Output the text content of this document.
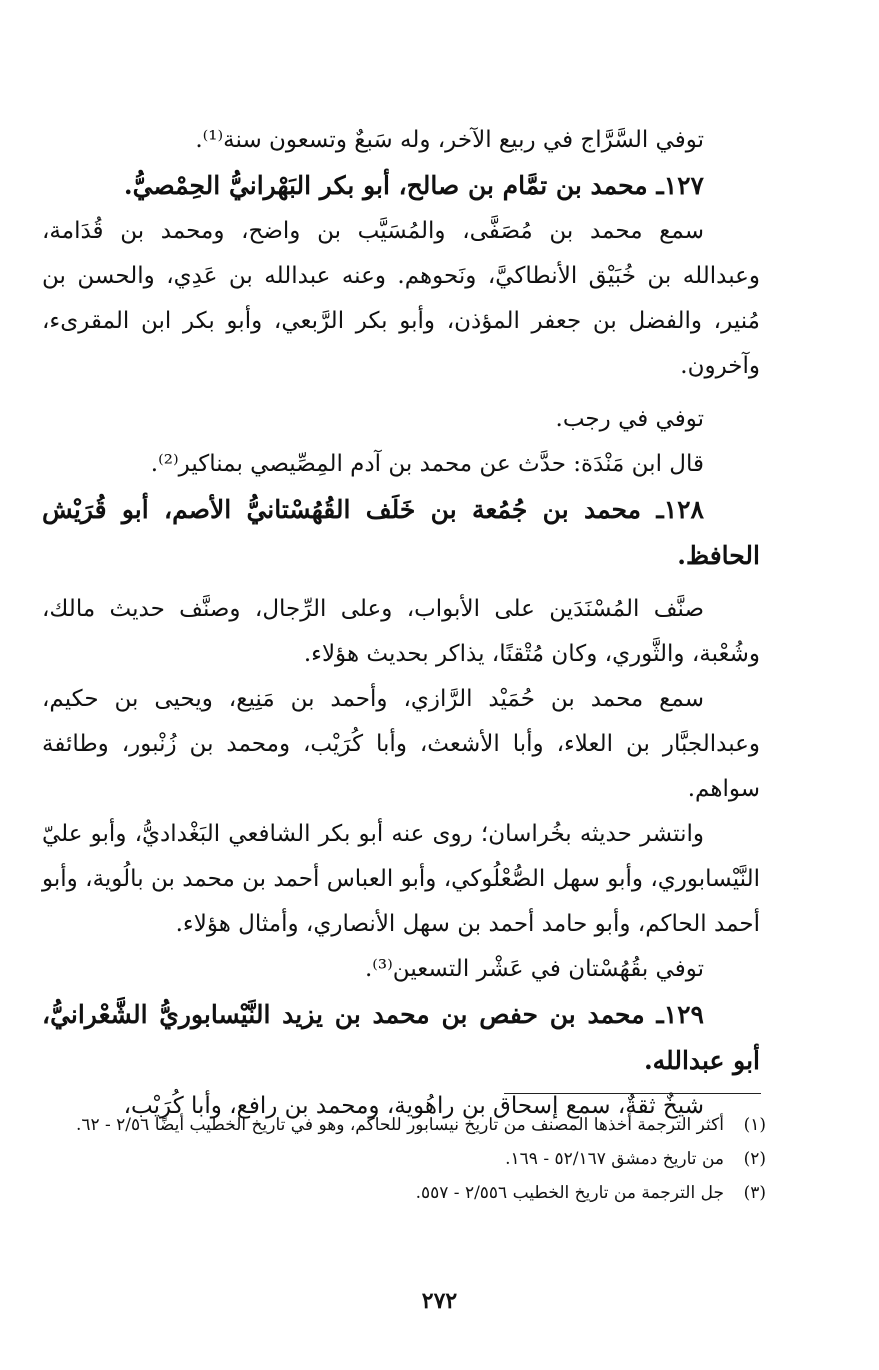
توفي السَّرَّاج في ربيع الآخر، وله سَبعٌ وتسعون سنة⁽¹⁾.

١٢٧ـ محمد بن تمَّام بن صالح، أبو بكر البَهْرانيُّ الحِمْصيُّ.

سمع محمد بن مُصَفَّى، والمُسَيَّب بن واضح، ومحمد بن قُدَامة، وعبدالله بن خُبَيْق الأنطاكيَّ، ونَحوهم. وعنه عبدالله بن عَدِي، والحسن بن مُنير، والفضل بن جعفر المؤذن، وأبو بكر الرَّبعي، وأبو بكر ابن المقرىء، وآخرون.

توفي في رجب.

قال ابن مَنْدَة: حدَّث عن محمد بن آدم المِصِّيصي بمناكير⁽²⁾.

١٢٨ـ محمد بن جُمُعة بن خَلَف القُهُسْتانيُّ الأصم، أبو قُرَيْش الحافظ.

صنَّف المُسْنَدَين على الأبواب، وعلى الرِّجال، وصنَّف حديث مالك، وشُعْبة، والثَّوري، وكان مُتْقنًا، يذاكر بحديث هؤلاء.

سمع محمد بن حُمَيْد الرَّازي، وأحمد بن مَنِيع، ويحيى بن حكيم، وعبدالجبَّار بن العلاء، وأبا الأشعث، وأبا كُرَيْب، ومحمد بن زُنْبور، وطائفة سواهم.

وانتشر حديثه بخُراسان؛ روى عنه أبو بكر الشافعي البَغْداديُّ، وأبو عليّ النَّيْسابوري، وأبو سهل الصُّعْلُوكي، وأبو العباس أحمد بن محمد بن بالُوية، وأبو أحمد الحاكم، وأبو حامد أحمد بن سهل الأنصاري، وأمثال هؤلاء.

توفي بقُهُسْتان في عَشْر التسعين⁽³⁾.

١٢٩ـ محمد بن حفص بن محمد بن يزيد النَّيْسابوريُّ الشَّعْرانيُّ، أبو عبدالله.

شيخٌ ثقةٌ، سمع إسحاق بن راهُوية، ومحمد بن رافع، وأبا كُرَيْب،

(١)
أكثر الترجمة أخذها المصنف من تاريخ نيسابور للحاكم، وهو في تاريخ الخطيب أيضًا ٢/٥٦ - ٦٢.
(٢)
من تاريخ دمشق ٥٢/١٦٧ - ١٦٩.
(٣)
جل الترجمة من تاريخ الخطيب ٢/٥٥٦ - ٥٥٧.
٢٧٢
